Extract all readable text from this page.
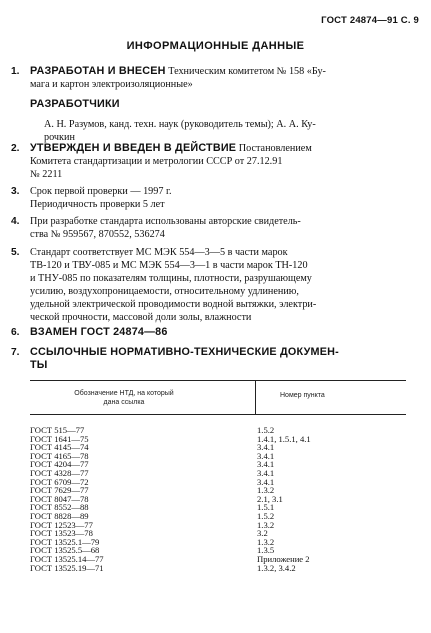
ГОСТ 24874—91 С. 9
ИНФОРМАЦИОННЫЕ ДАННЫЕ
1. РАЗРАБОТАН И ВНЕСЕН Техническим комитетом № 158 «Бу-
мага и картон электроизоляционные»
РАЗРАБОТЧИКИ
А. Н. Разумов, канд. техн. наук (руководитель темы); А. А. Ку-
рочкин
2. УТВЕРЖДЕН И ВВЕДЕН В ДЕЙСТВИЕ Постановлением
Комитета стандартизации и метрологии СССР от 27.12.91
№ 2211
3. Срок первой проверки — 1997 г.
Периодичность проверки 5 лет
4. При разработке стандарта использованы авторские свидетель-
ства № 959567, 870552, 536274
5. Стандарт соответствует МС МЭК 554—3—5 в части марок
ТВ-120 и ТВУ-085 и МС МЭК 554—3—1 в части марок ТН-120
и ТНУ-085 по показателям толщины, плотности, разрушающему
усилию, воздухопроницаемости, относительному удлинению,
удельной электрической проводимости водной вытяжки, электри-
ческой прочности, массовой доли золы, влажности
6. ВЗАМЕН ГОСТ 24874—86
7. ССЫЛОЧНЫЕ НОРМАТИВНО-ТЕХНИЧЕСКИЕ ДОКУМЕН-
ТЫ
Обозначение НТД, на который
дана ссылка
Номер пункта
ГОСТ 515—77	1.5.2
ГОСТ 1641—75	1.4.1, 1.5.1, 4.1
ГОСТ 4145—74	3.4.1
ГОСТ 4165—78	3.4.1
ГОСТ 4204—77	3.4.1
ГОСТ 4328—77	3.4.1
ГОСТ 6709—72	3.4.1
ГОСТ 7629—77	1.3.2
ГОСТ 8047—78	2.1, 3.1
ГОСТ 8552—88	1.5.1
ГОСТ 8828—89	1.5.2
ГОСТ 12523—77	1.3.2
ГОСТ 13523—78	3.2
ГОСТ 13525.1—79	1.3.2
ГОСТ 13525.5—68	1.3.5
ГОСТ 13525.14—77	Приложение 2
ГОСТ 13525.19—71	1.3.2, 3.4.2
